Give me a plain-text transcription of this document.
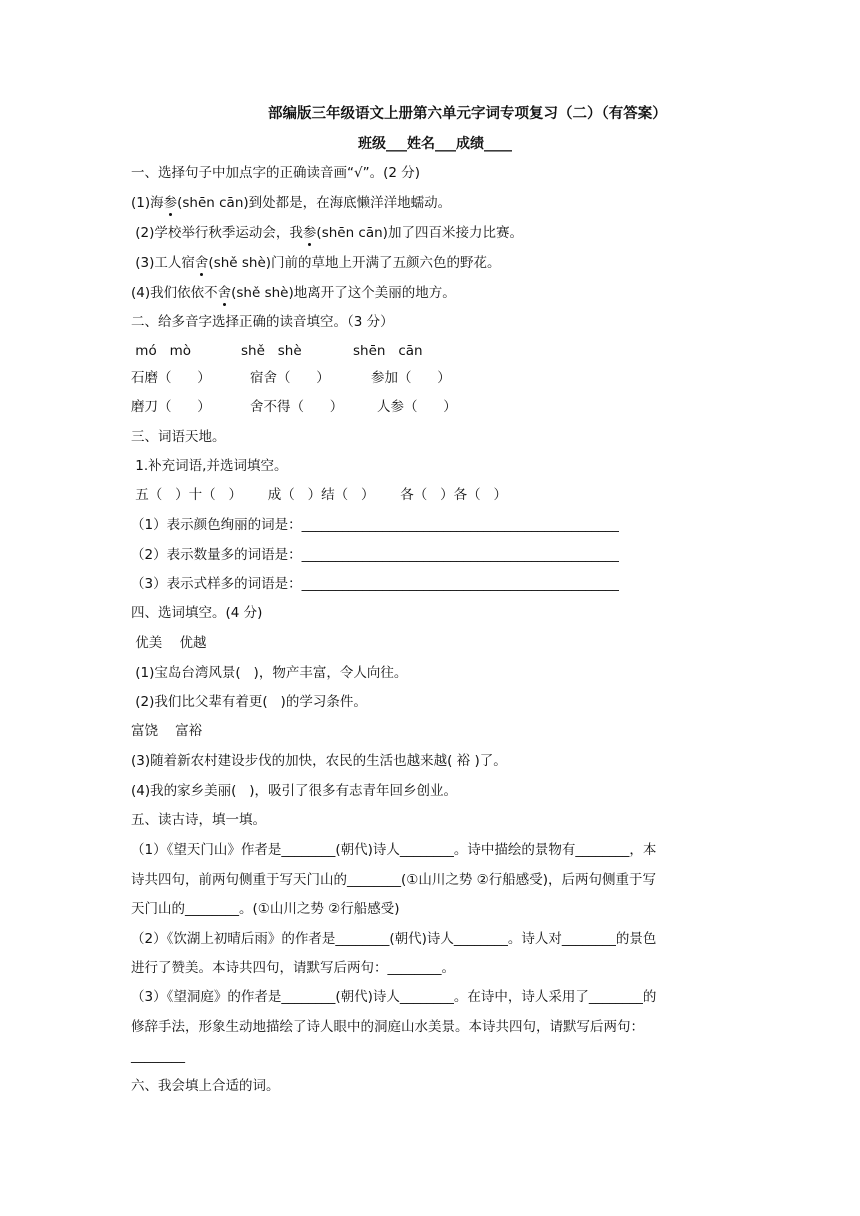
部编版三年级语文上册第六单元字词专项复习（二）（有答案）
班级___姓名___成绩____
一、选择句子中加点字的正确读音画“√”。(2 分)
(1)海参(shēn cān)到处都是，在海底懒洋洋地蠕动。
(2)学校举行秋季运动会，我参(shēn cān)加了四百米接力比赛。
(3)工人宿舍(shě shè)门前的草地上开满了五颜六色的野花。
(4)我们依依不舍(shě shè)地离开了这个美丽的地方。
二、给多音字选择正确的读音填空。（3 分）
mó   mò	shě   shè	shēn   cān
石磨（      ）	宿舍（      ）	参加（      ）
磨刀（      ）	舍不得（      ）	人参（      ）
三、词语天地。
1.补充词语,并选词填空。
五（   ）十（   ）      成（   ）结（   ）      各（   ）各（   ）
（1）表示颜色绚丽的词是：_______________________________________________
（2）表示数量多的词语是：_______________________________________________
（3）表示式样多的词语是：_______________________________________________
四、选词填空。(4 分)
优美    优越
(1)宝岛台湾风景(   )，物产丰富，令人向往。
(2)我们比父辈有着更(   )的学习条件。
富饶    富裕
(3)随着新农村建设步伐的加快，农民的生活也越来越( 裕 )了。
(4)我的家乡美丽(   )，吸引了很多有志青年回乡创业。
五、读古诗，填一填。
（1）《望天门山》作者是________(朝代)诗人________。诗中描绘的景物有________，本
诗共四句，前两句侧重于写天门山的________(①山川之势 ②行船感受)，后两句侧重于写
天门山的________。(①山川之势 ②行船感受)
（2）《饮湖上初晴后雨》的作者是________(朝代)诗人________。诗人对________的景色
进行了赞美。本诗共四句，请默写后两句：________。
（3）《望洞庭》的作者是________(朝代)诗人________。在诗中，诗人采用了________的
修辞手法，形象生动地描绘了诗人眼中的洞庭山水美景。本诗共四句，请默写后两句：
________
六、我会填上合适的词。
